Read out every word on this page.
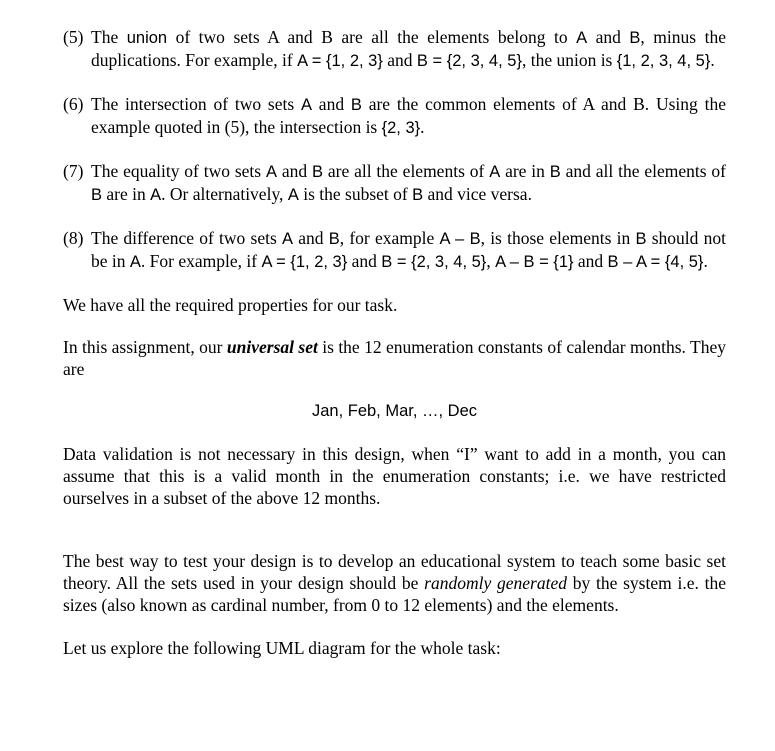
(5) The union of two sets A and B are all the elements belong to A and B, minus the duplications. For example, if A = {1, 2, 3} and B = {2, 3, 4, 5}, the union is {1, 2, 3, 4, 5}.
(6) The intersection of two sets A and B are the common elements of A and B. Using the example quoted in (5), the intersection is {2, 3}.
(7) The equality of two sets A and B are all the elements of A are in B and all the elements of B are in A. Or alternatively, A is the subset of B and vice versa.
(8) The difference of two sets A and B, for example A – B, is those elements in B should not be in A. For example, if A = {1, 2, 3} and B = {2, 3, 4, 5}, A – B = {1} and B – A = {4, 5}.
We have all the required properties for our task.
In this assignment, our universal set is the 12 enumeration constants of calendar months. They are
Jan, Feb, Mar, …, Dec
Data validation is not necessary in this design, when “I” want to add in a month, you can assume that this is a valid month in the enumeration constants; i.e. we have restricted ourselves in a subset of the above 12 months.
The best way to test your design is to develop an educational system to teach some basic set theory. All the sets used in your design should be randomly generated by the system i.e. the sizes (also known as cardinal number, from 0 to 12 elements) and the elements.
Let us explore the following UML diagram for the whole task:
